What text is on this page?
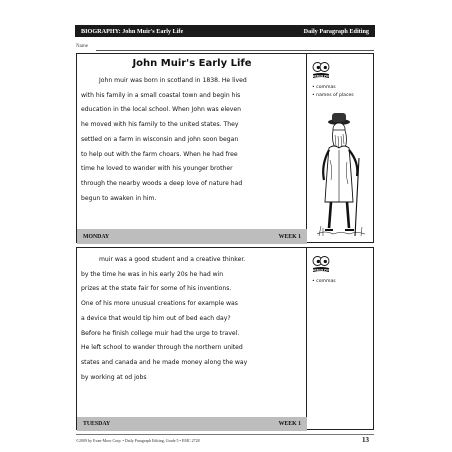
BIOGRAPHY: John Muir's Early Life	Daily Paragraph Editing
Name
John Muir's Early Life
John muir was born in scotland in 1838. He lived
with his family in a small coastal town and begin his
education in the local school. When John was eleven
he moved with his family to the united states. They
settled on a farm in wisconsin and john soon began
to help out with the farm choars. When he had free
time he loved to wander with his younger brother
through the nearby woods a deep love of nature had
begun to awaken in him.
MONDAY	WEEK 1
WATCH FOR
• commas
• names of places
muir was a good student and a creative thinker.
by the time he was in his early 20s he had win
prizes at the state fair for some of his inventions.
One of his more unusual creations for example was
a device that would tip him out of bed each day?
Before he finish college muir had the urge to travel.
He left school to wander through the northern united
states and canada and he made money along the way
by working at od jobs
TUESDAY	WEEK 1
WATCH FOR
• commas
©2009 by Evan-Moor Corp. • Daily Paragraph Editing, Grade 5 • EMC 2728	13
